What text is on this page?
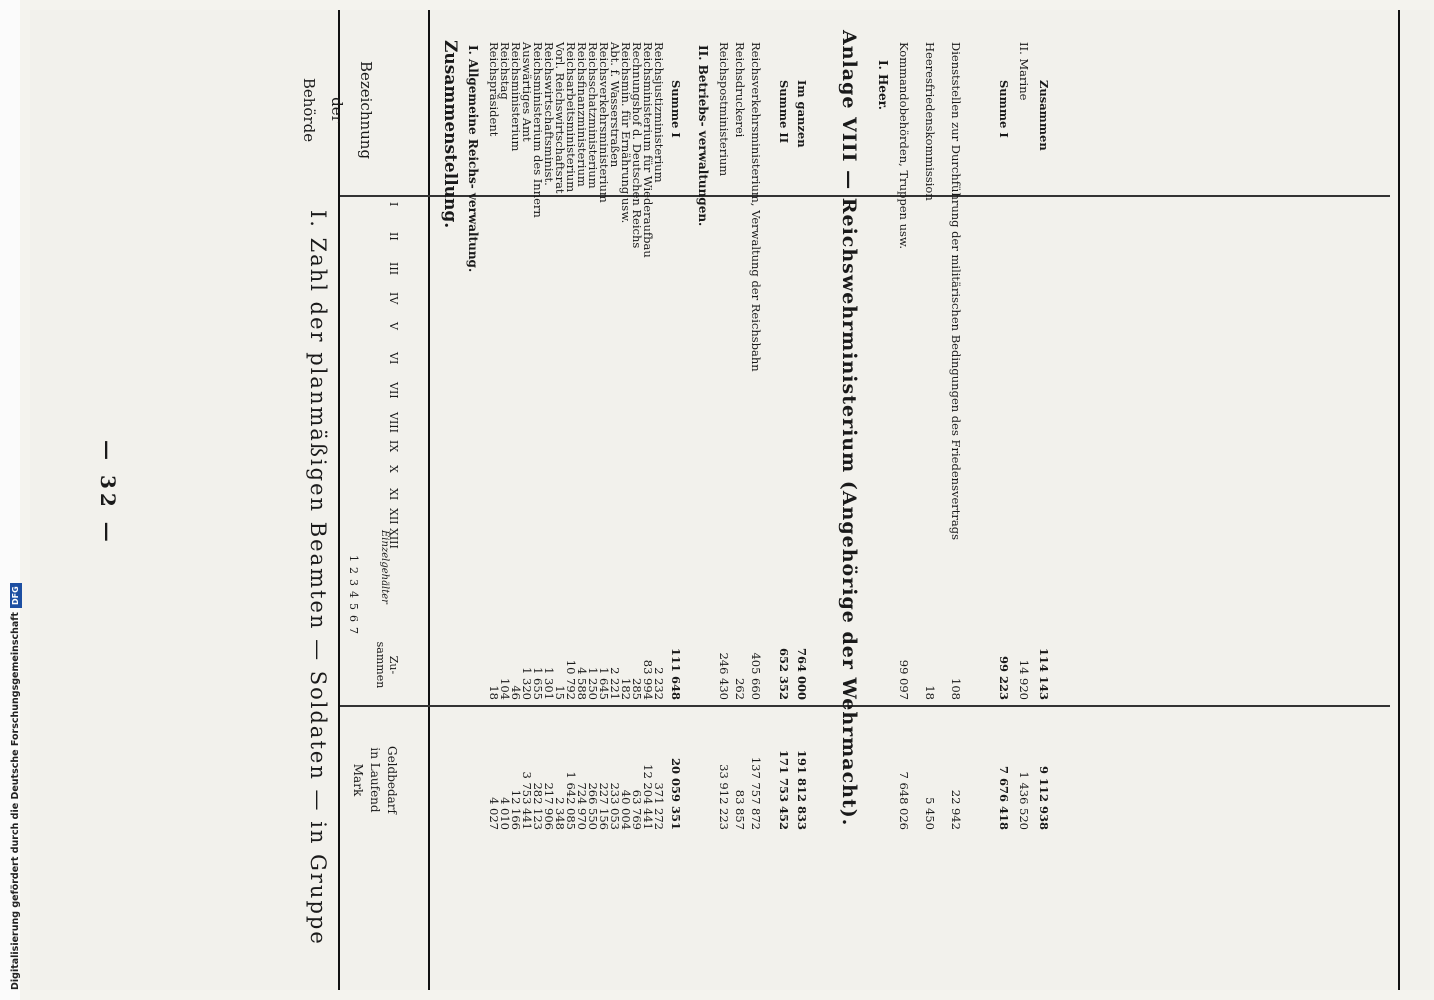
Digitalisierung gefördert durch die Deutsche ForschungsgemeinschaftDFG
— 32 —	I. Zahl der planmäßigen Beamten — Soldaten — in Gruppe
Bezeichnung
der
Behörde
I
II
III
IV
V
VI
VII
VIII
IX
X
XI
XII
XIII
Einzelgehälter
1
2
3
4
5
6
7
Zu- sammen
Geldbedarf
in Laufend
Mark
Zusammenstellung. I. Allgemeine Reichs- verwaltung. Reichspräsident
18
4 027
Reichstag
104
4 010
Reichsministerium
46
12 166
Auswärtiges Amt
1 320
3 753 441
Reichsministerium des Innern
1 655
282 123
Reichswirtschaftsminist.
1 301
217 906
Vorl. Reichswirtschaftsrat
15
2 348
Reichsarbeitsministerium
10 792
1 642 085
Reichsfinanzministerium
4 588
724 970
Reichsschatzministerium
1 250
266 550
Reichsverkehrsministerium
1 645
227 156
Abt. f. Wasserstraßen
2 221
233 053
Reichsmin. für Ernährung usw.
182
40 004
Rechnungshof d. Deutschen Reichs
285
63 769
Reichsministerium für Wiederaufbau
83 994
12 204 441
Reichsjustizministerium
2 232
371 272
Summe I
111 648
20 059 351
II. Betriebs- verwaltungen. Reichspostministerium
246 430
33 912 223
Reichsdruckerei
262
83 857
Reichsverkehrsministerium, Verwaltung der Reichsbahn
405 660
137 757 872
Summe II
652 352
171 753 452
Im ganzen
764 000
191 812 833 Anlage VIII — Reichswehrministerium (Angehörige der Wehrmacht). I. Heer. Kommandobehörden, Truppen usw.
99 097
7 648 026
Heeresfriedenskommission
18
5 450
Dienststellen zur Durchführung der militärischen Bedingungen des Friedensvertrags
108
22 942
Summe I
99 223
7 676 418
II. Marine
14 920
1 436 520
Zusammen
114 143
9 112 938
